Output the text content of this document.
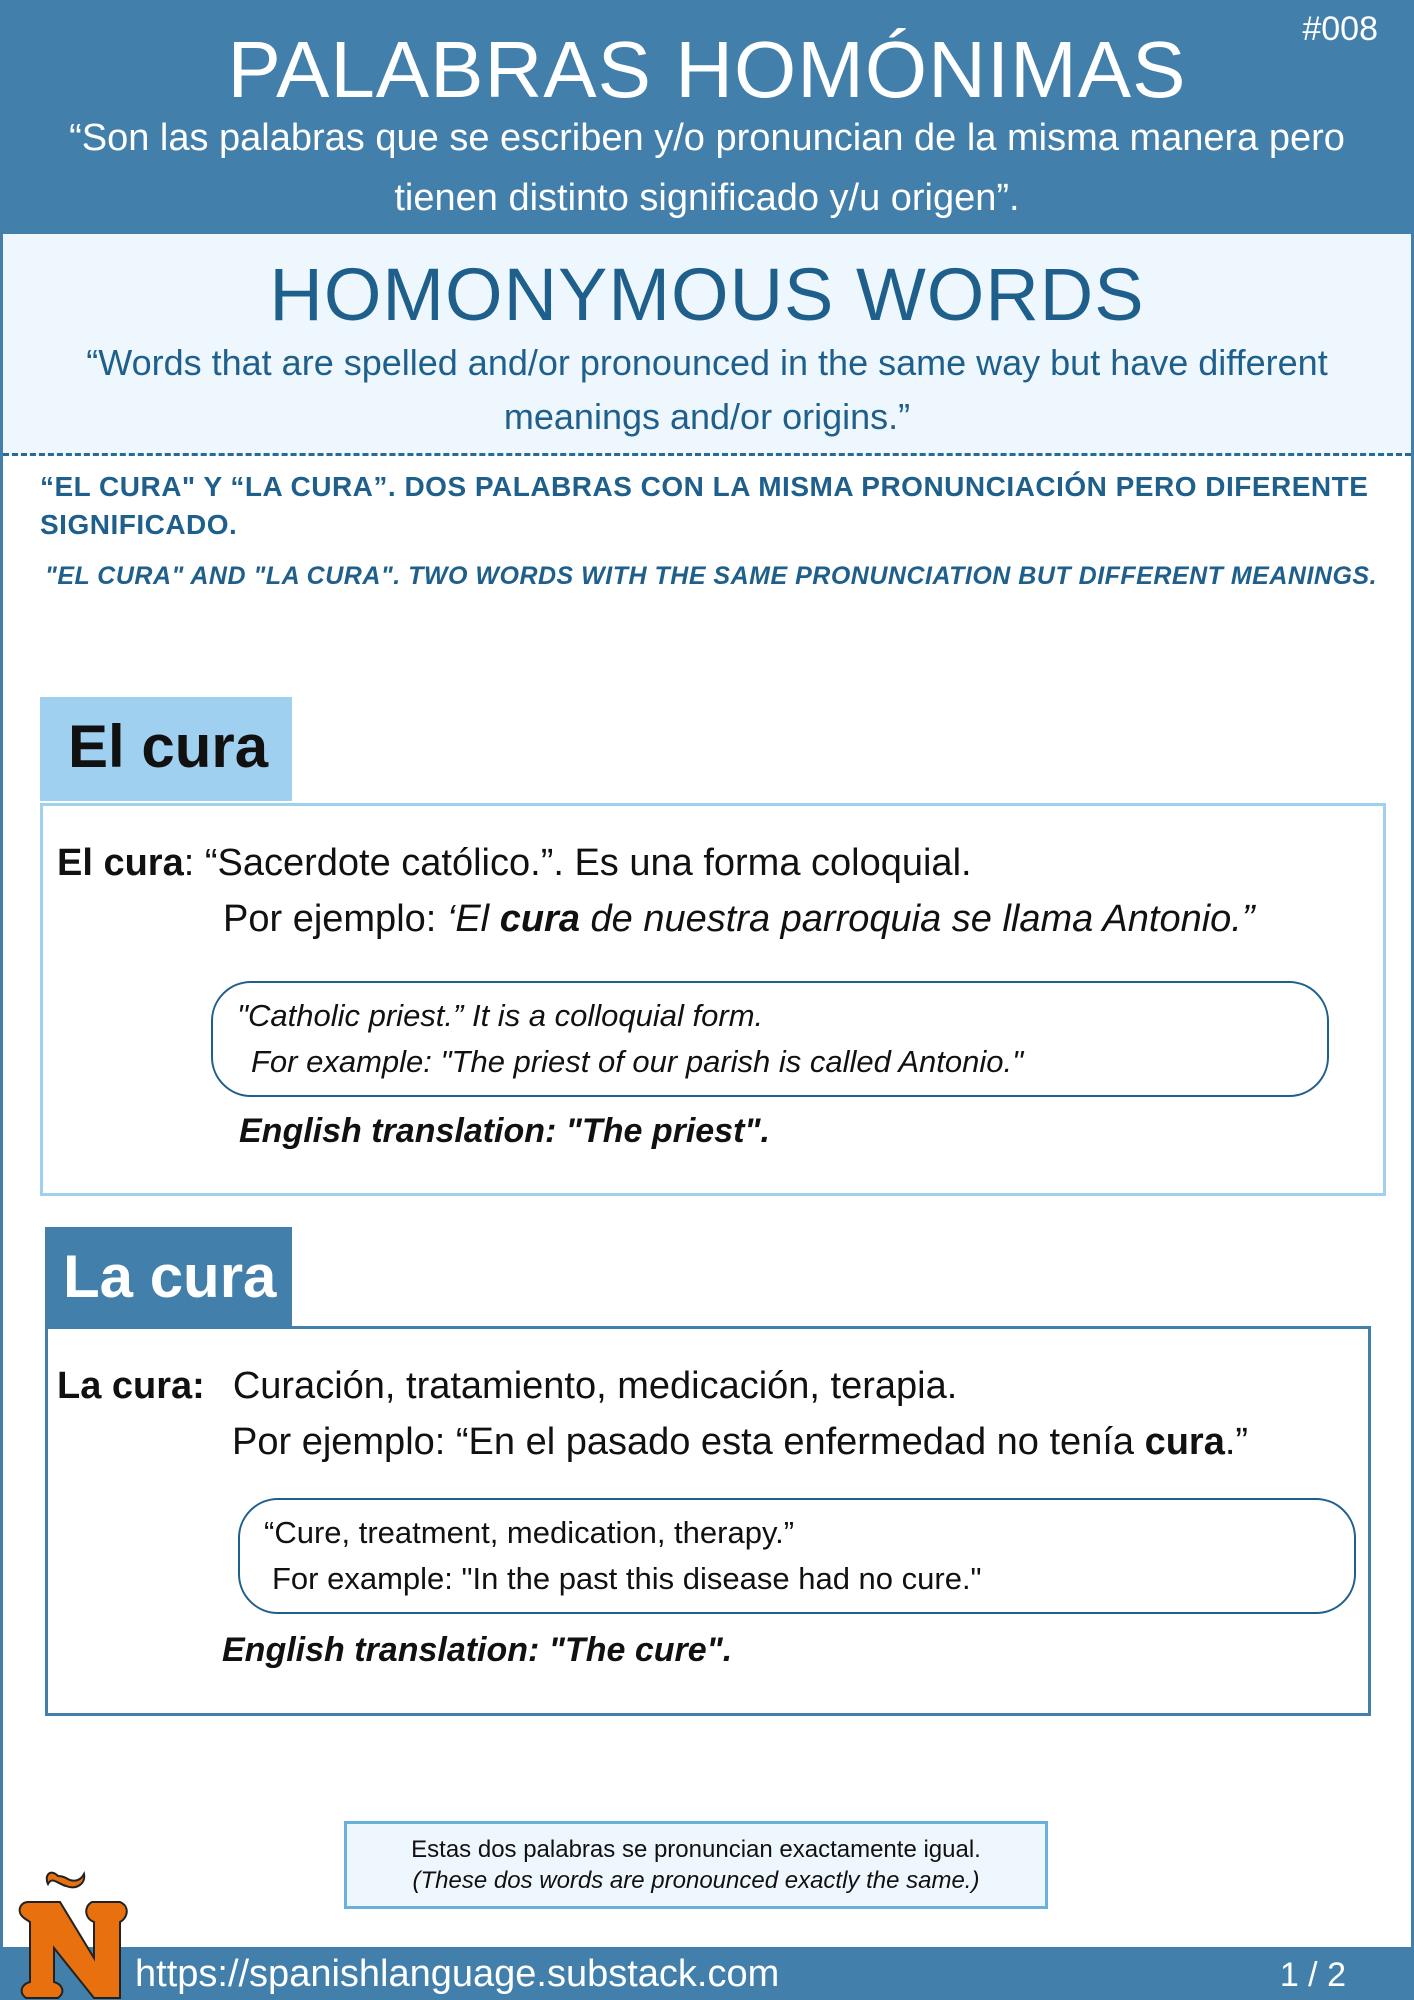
PALABRAS HOMÓNIMAS	#008
“Son las palabras que se escriben y/o pronuncian de la misma manera pero tienen distinto significado y/u origen”.
HOMONYMOUS WORDS
“Words that are spelled and/or pronounced in the same way but have different meanings and/or origins.”
“EL CURA" Y “LA CURA”. DOS PALABRAS CON LA MISMA PRONUNCIACIÓN PERO DIFERENTE SIGNIFICADO.
"EL CURA" AND "LA CURA". TWO WORDS WITH THE SAME PRONUNCIATION BUT DIFFERENT MEANINGS.
El cura
El cura: “Sacerdote católico.”. Es una forma coloquial.
Por ejemplo: ‘El cura de nuestra parroquia se llama Antonio.”
"Catholic priest.” It is a colloquial form.
For example: "The priest of our parish is called Antonio."
English translation: "The priest".
La cura
La cura: Curación, tratamiento, medicación, terapia.
Por ejemplo: “En el pasado esta enfermedad no tenía cura.”
“Cure, treatment, medication, therapy.”
For example: "In the past this disease had no cure."
English translation: "The cure".
Estas dos palabras se pronuncian exactamente igual.
(These dos words are pronounced exactly the same.)
https://spanishlanguage.substack.com	1 / 2
